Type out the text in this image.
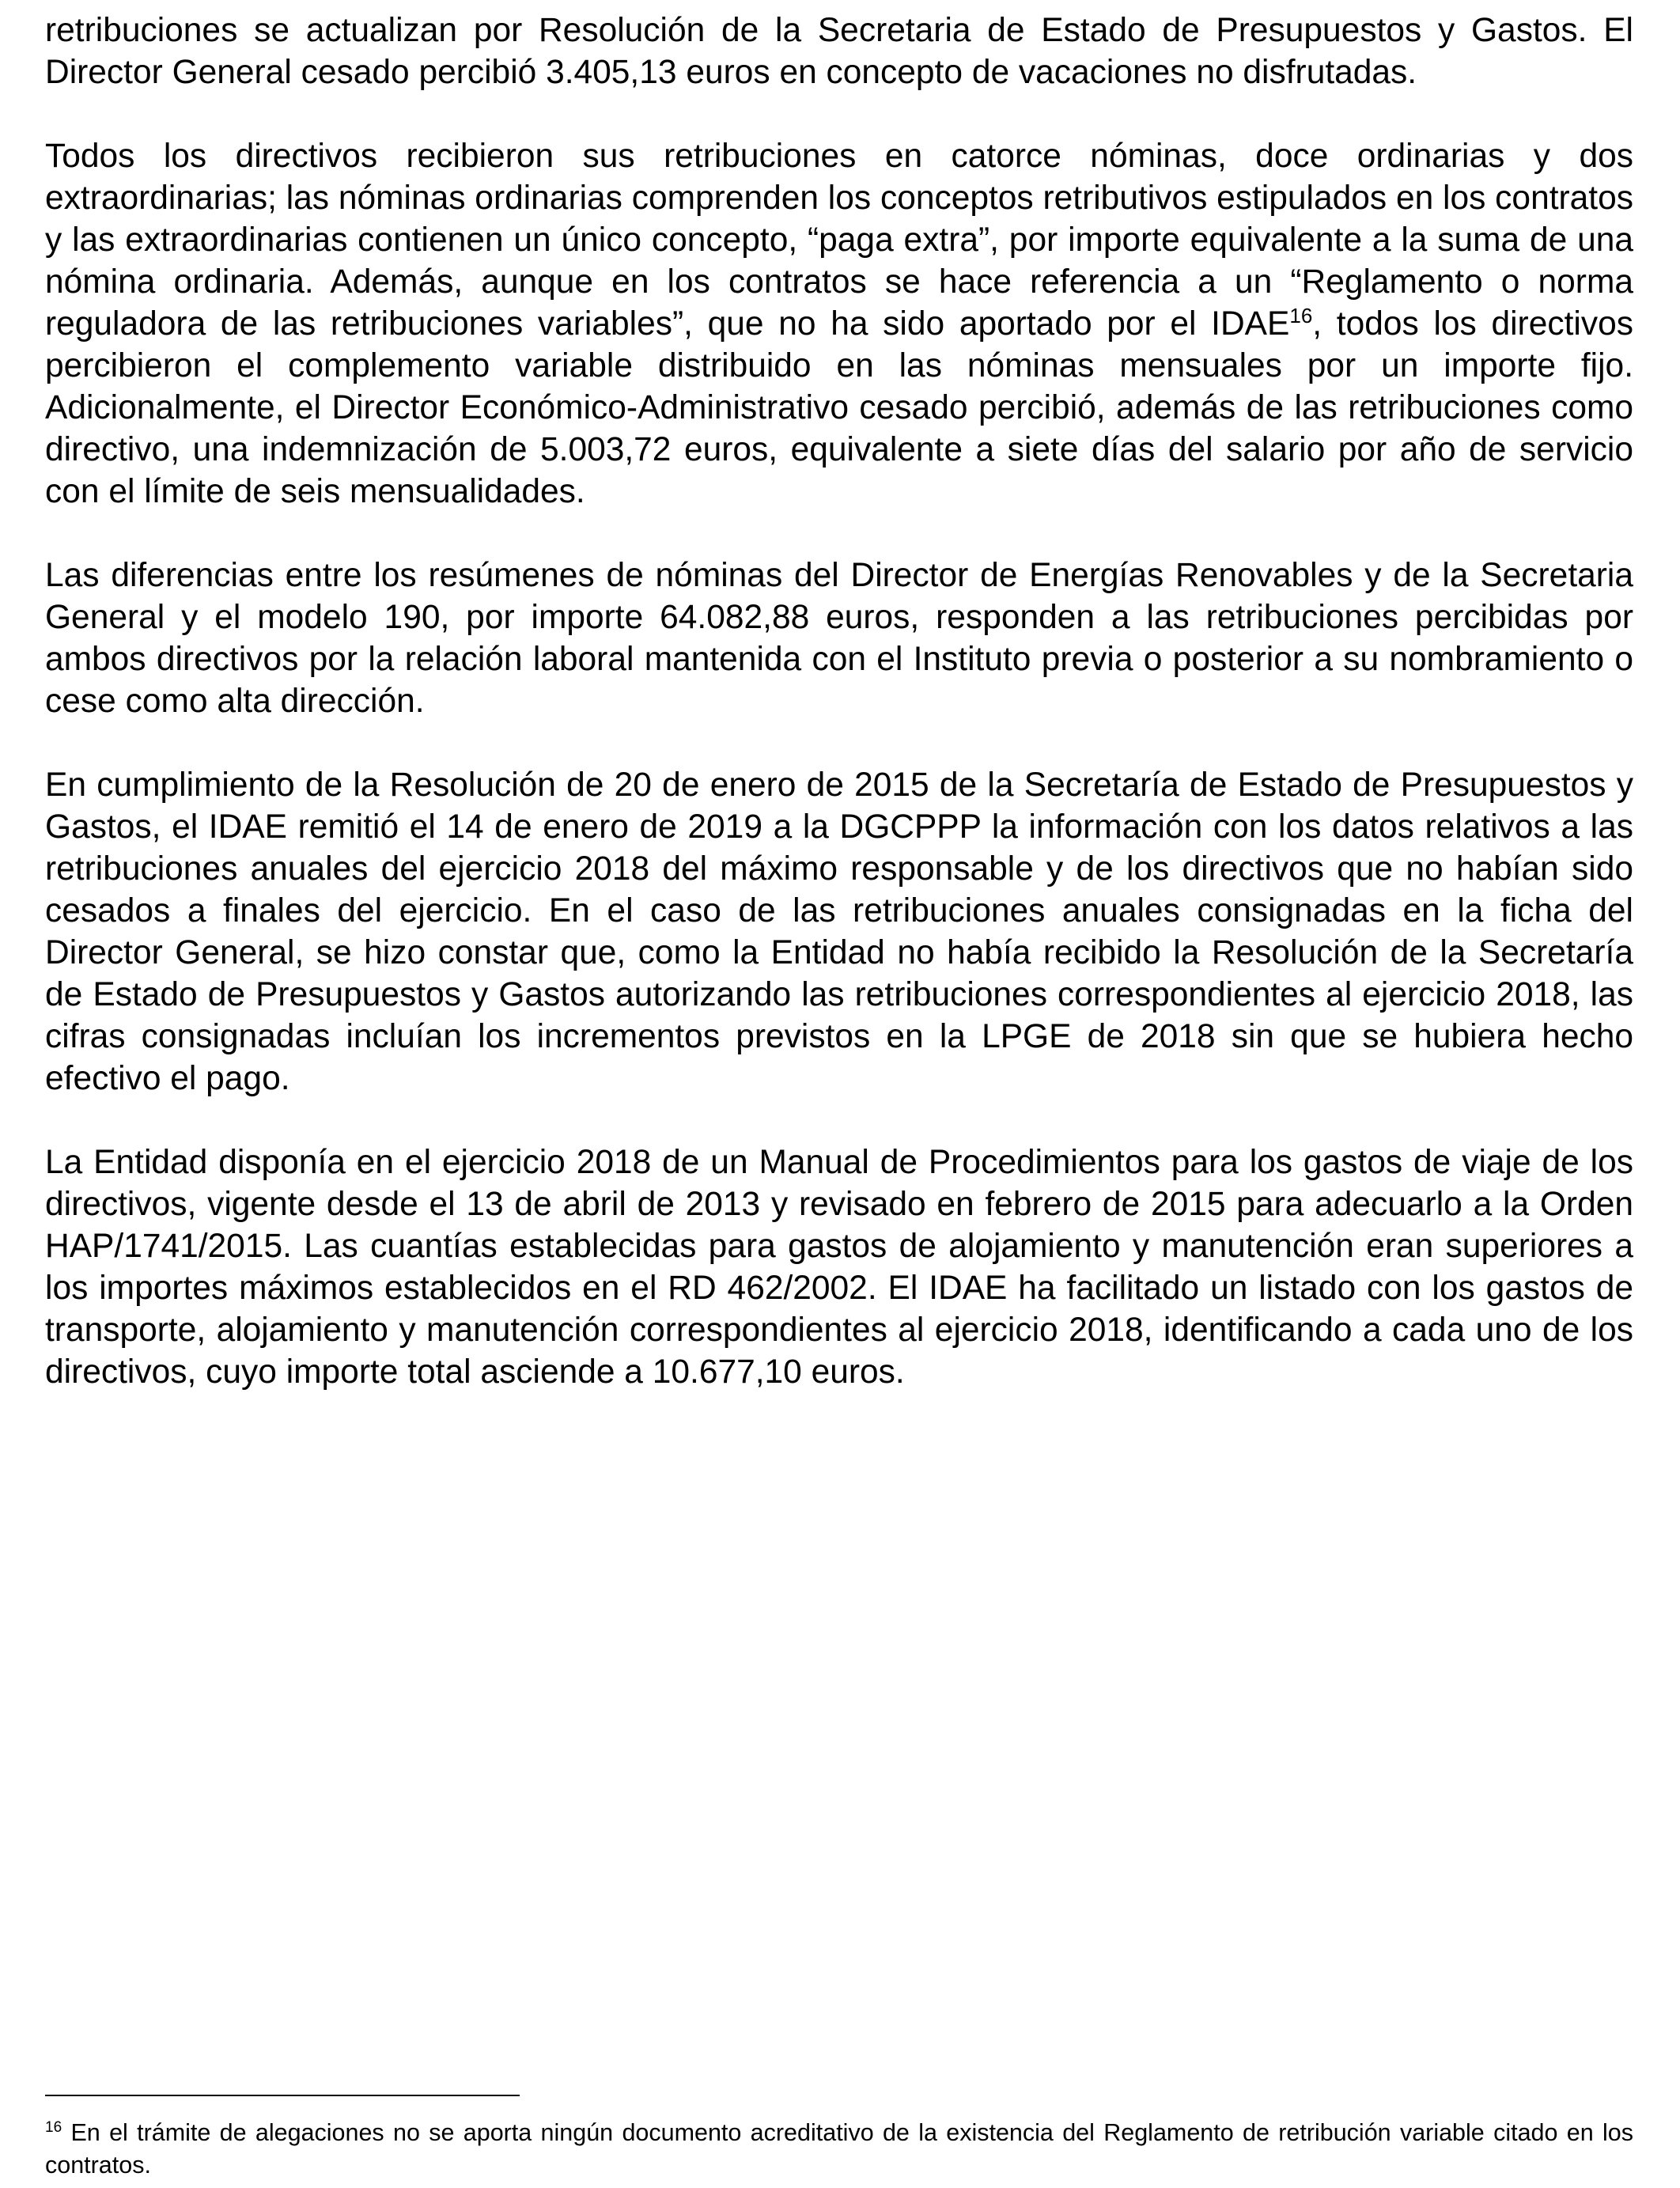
retribuciones se actualizan por Resolución de la Secretaria de Estado de Presupuestos y Gastos. El Director General cesado percibió 3.405,13 euros en concepto de vacaciones no disfrutadas.

Todos los directivos recibieron sus retribuciones en catorce nóminas, doce ordinarias y dos extraordinarias; las nóminas ordinarias comprenden los conceptos retributivos estipulados en los contratos y las extraordinarias contienen un único concepto, “paga extra”, por importe equivalente a la suma de una nómina ordinaria. Además, aunque en los contratos se hace referencia a un “Reglamento o norma reguladora de las retribuciones variables”, que no ha sido aportado por el IDAE$^{16}$, todos los directivos percibieron el complemento variable distribuido en las nóminas mensuales por un importe fijo. Adicionalmente, el Director Económico-Administrativo cesado percibió, además de las retribuciones como directivo, una indemnización de 5.003,72 euros, equivalente a siete días del salario por año de servicio con el límite de seis mensualidades.

Las diferencias entre los resúmenes de nóminas del Director de Energías Renovables y de la Secretaria General y el modelo 190, por importe 64.082,88 euros, responden a las retribuciones percibidas por ambos directivos por la relación laboral mantenida con el Instituto previa o posterior a su nombramiento o cese como alta dirección.

En cumplimiento de la Resolución de 20 de enero de 2015 de la Secretaría de Estado de Presupuestos y Gastos, el IDAE remitió el 14 de enero de 2019 a la DGCPPP la información con los datos relativos a las retribuciones anuales del ejercicio 2018 del máximo responsable y de los directivos que no habían sido cesados a finales del ejercicio. En el caso de las retribuciones anuales consignadas en la ficha del Director General, se hizo constar que, como la Entidad no había recibido la Resolución de la Secretaría de Estado de Presupuestos y Gastos autorizando las retribuciones correspondientes al ejercicio 2018, las cifras consignadas incluían los incrementos previstos en la LPGE de 2018 sin que se hubiera hecho efectivo el pago.

La Entidad disponía en el ejercicio 2018 de un Manual de Procedimientos para los gastos de viaje de los directivos, vigente desde el 13 de abril de 2013 y revisado en febrero de 2015 para adecuarlo a la Orden HAP/1741/2015. Las cuantías establecidas para gastos de alojamiento y manutención eran superiores a los importes máximos establecidos en el RD 462/2002. El IDAE ha facilitado un listado con los gastos de transporte, alojamiento y manutención correspondientes al ejercicio 2018, identificando a cada uno de los directivos, cuyo importe total asciende a 10.677,10 euros.

$^{16}$ En el trámite de alegaciones no se aporta ningún documento acreditativo de la existencia del Reglamento de retribución variable citado en los contratos.
